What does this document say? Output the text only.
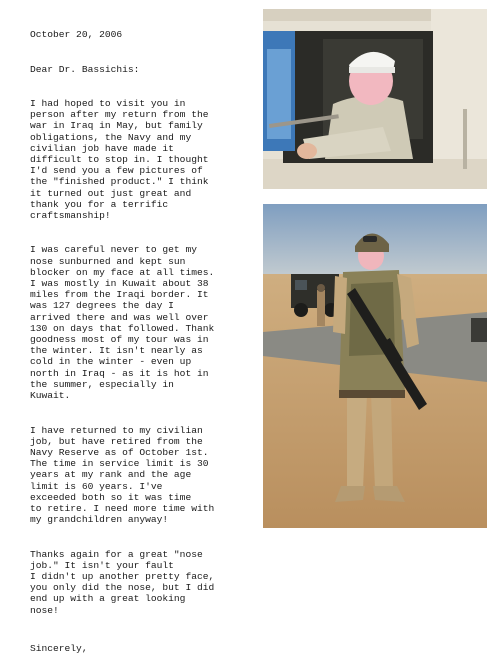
October 20, 2006

Dear Dr. Bassichis:

I had hoped to visit you in
person after my return from the
war in Iraq in May, but family
obligations, the Navy and my
civilian job have made it
difficult to stop in. I thought
I'd send you a few pictures of
the "finished product." I think
it turned out just great and
thank you for a terrific
craftsmanship!

I was careful never to get my
nose sunburned and kept sun
blocker on my face at all times.
I was mostly in Kuwait about 38
miles from the Iraqi border. It
was 127 degrees the day I
arrived there and was well over
130 on days that followed. Thank
goodness most of my tour was in
the winter. It isn't nearly as
cold in the winter - even up
north in Iraq - as it is hot in
the summer, especially in
Kuwait.

I have returned to my civilian
job, but have retired from the
Navy Reserve as of October 1st.
The time in service limit is 30
years at my rank and the age
limit is 60 years. I've
exceeded both so it was time
to retire. I need more time with
my grandchildren anyway!

Thanks again for a great "nose
job." It isn't your fault
I didn't up another pretty face,
you only did the nose, but I did
end up with a great looking
nose!

Sincerely,
